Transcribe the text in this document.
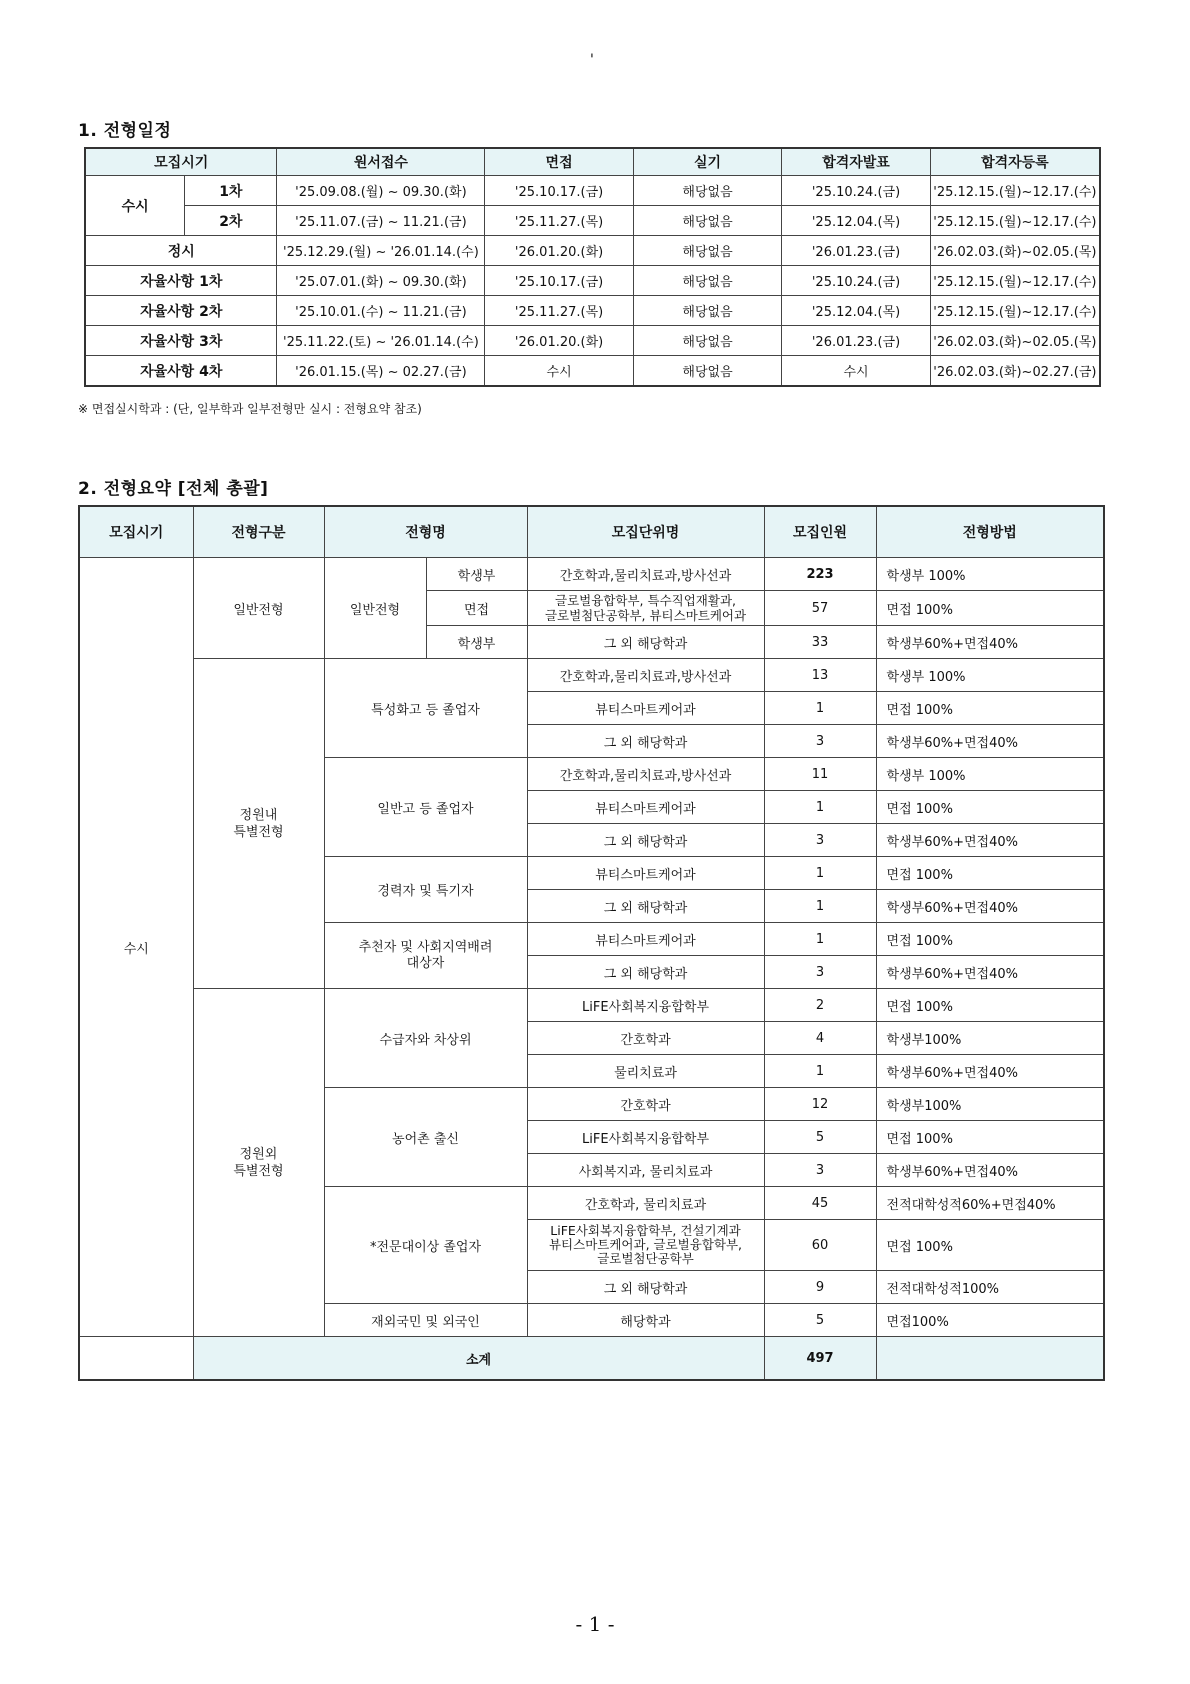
'
1. 전형일정
모집시기		원서접수	면접	실기	합격자발표	합격자등록
수시	1차	'25.09.08.(월) ~ 09.30.(화)	'25.10.17.(금)	해당없음	'25.10.24.(금)	'25.12.15.(월)~12.17.(수)
	2차	'25.11.07.(금) ~ 11.21.(금)	'25.11.27.(목)	해당없음	'25.12.04.(목)	'25.12.15.(월)~12.17.(수)
정시		'25.12.29.(월) ~ '26.01.14.(수)	'26.01.20.(화)	해당없음	'26.01.23.(금)	'26.02.03.(화)~02.05.(목)
자율사항 1차		'25.07.01.(화) ~ 09.30.(화)	'25.10.17.(금)	해당없음	'25.10.24.(금)	'25.12.15.(월)~12.17.(수)
자율사항 2차		'25.10.01.(수) ~ 11.21.(금)	'25.11.27.(목)	해당없음	'25.12.04.(목)	'25.12.15.(월)~12.17.(수)
자율사항 3차		'25.11.22.(토) ~ '26.01.14.(수)	'26.01.20.(화)	해당없음	'26.01.23.(금)	'26.02.03.(화)~02.05.(목)
자율사항 4차		'26.01.15.(목) ~ 02.27.(금)	수시	해당없음	수시	'26.02.03.(화)~02.27.(금)
※ 면접실시학과 : (단, 일부학과 일부전형만 실시 : 전형요약 참조)
2. 전형요약 [전체 총괄]
모집시기	전형구분	전형명		모집단위명	모집인원	전형방법
수시	일반전형	일반전형	학생부	간호학과,물리치료과,방사선과	223	학생부 100%
			면접	글로벌융합학부, 특수직업재활과,
글로벌첨단공학부, 뷰티스마트케어과	57	면접 100%
			학생부	그 외 해당학과	33	학생부60%+면접40%
	정원내
특별전형	특성화고 등 졸업자		간호학과,물리치료과,방사선과	13	학생부 100%
				뷰티스마트케어과	1	면접 100%
				그 외 해당학과	3	학생부60%+면접40%
		일반고 등 졸업자		간호학과,물리치료과,방사선과	11	학생부 100%
				뷰티스마트케어과	1	면접 100%
				그 외 해당학과	3	학생부60%+면접40%
		경력자 및 특기자		뷰티스마트케어과	1	면접 100%
				그 외 해당학과	1	학생부60%+면접40%
		추천자 및 사회지역배려
대상자		뷰티스마트케어과	1	면접 100%
				그 외 해당학과	3	학생부60%+면접40%
	정원외
특별전형	수급자와 차상위		LiFE사회복지융합학부	2	면접 100%
				간호학과	4	학생부100%
				물리치료과	1	학생부60%+면접40%
		농어촌 출신		간호학과	12	학생부100%
				LiFE사회복지융합학부	5	면접 100%
				사회복지과, 물리치료과	3	학생부60%+면접40%
		*전문대이상 졸업자		간호학과, 물리치료과	45	전적대학성적60%+면접40%
				LiFE사회복지융합학부, 건설기계과
뷰티스마트케어과, 글로벌융합학부,
글로벌첨단공학부	60	면접 100%
				그 외 해당학과	9	전적대학성적100%
		재외국민 및 외국인		해당학과	5	면접100%
	소계				497	
- 1 -
